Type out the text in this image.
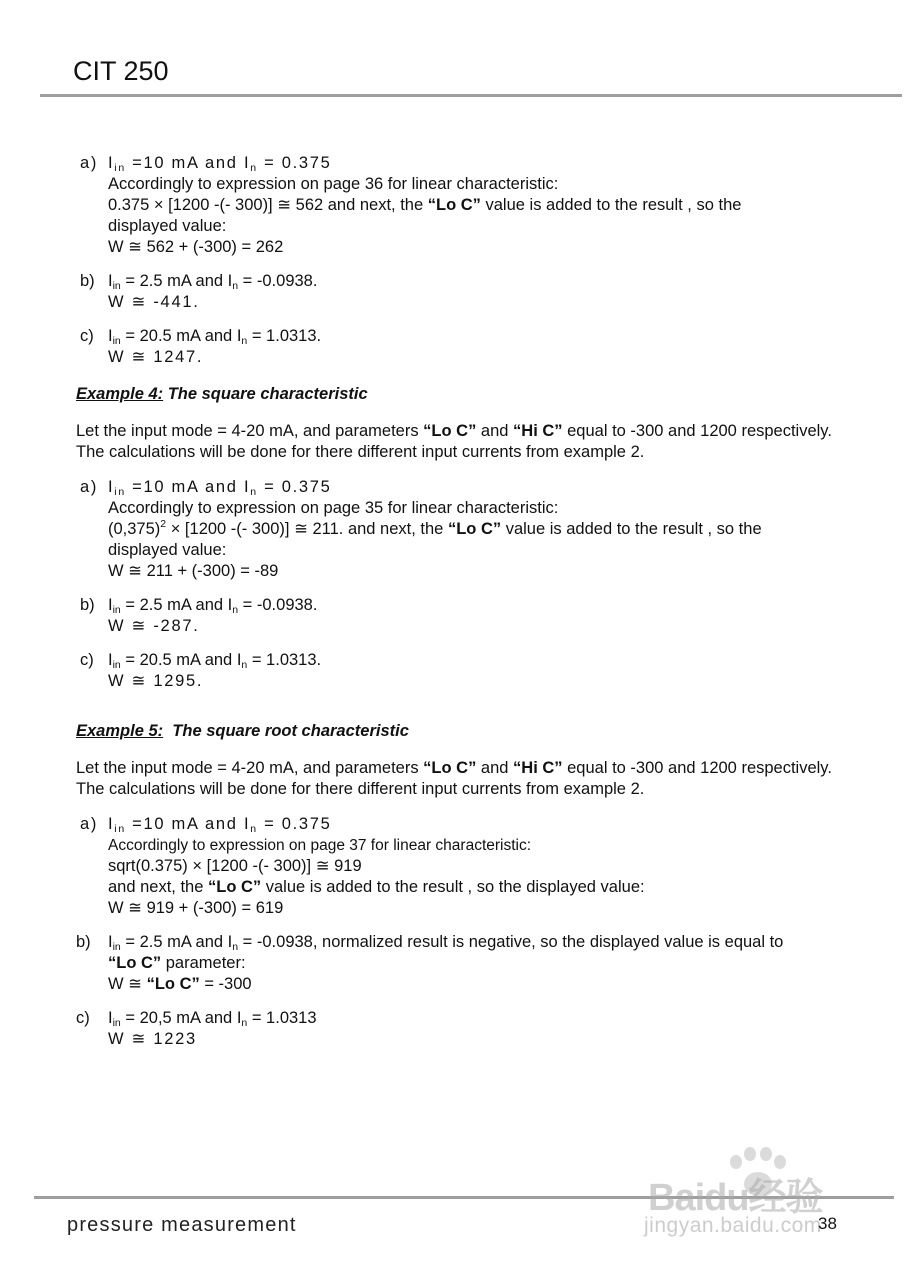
CIT 250
a) $I_{in} =10$ mA and $I_n = 0.375$
Accordingly to expression on page 36 for linear characteristic:
0.375 × [1200 -(- 300)] ≅ 562 and next, the “Lo C” value is added to the result , so the
displayed value:
W ≅ 562 + (-300) = 262
b) $I_{in} = 2.5$ mA and $I_n = -0.0938$.
W ≅ -441.
c) $I_{in} = 20.5$ mA and $I_n = 1.0313$.
W ≅ 1247.
Example 4: The square characteristic
Let the input mode = 4-20 mA, and parameters “Lo C” and “Hi C” equal to -300 and 1200 respectively. The calculations will be done for there different input currents from example 2.
a) $I_{in} =10$ mA and $I_n = 0.375$
Accordingly to expression on page 35 for linear characteristic:
$(0,375)^2 \times [1200$ -(- 300)] ≅ 211. and next, the “Lo C” value is added to the result , so the
displayed value:
W ≅ 211 + (-300) = -89
b) $I_{in} = 2.5$ mA and $I_n = -0.0938$.
W ≅ -287.
c) $I_{in} = 20.5$ mA and $I_n = 1.0313$.
W ≅ 1295.
Example 5:  The square root characteristic
Let the input mode = 4-20 mA, and parameters “Lo C” and “Hi C” equal to -300 and 1200 respectively. The calculations will be done for there different input currents from example 2.
a) $I_{in} =10$ mA and $I_n = 0.375$
Accordingly to expression on page 37 for linear characteristic:
sqrt(0.375) × [1200 -(- 300)] ≅ 919
and next, the “Lo C” value is added to the result , so the displayed value:
W ≅ 919 + (-300) = 619
b) $I_{in} = 2.5$ mA and $I_n = -0.0938$, normalized result is negative, so the displayed value is equal to “Lo C” parameter:
W ≅ “Lo C” = -300
c) $I_{in} = 20,5$ mA and $I_n = 1.0313$
W ≅ 1223
Baidu经验
jingyan.baidu.com
pressure measurement	38
